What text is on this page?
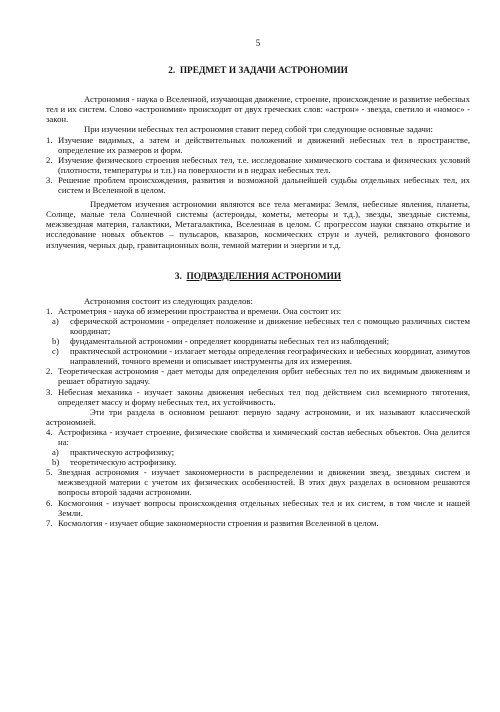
5
2. ПРЕДМЕТ И ЗАДАЧИ АСТРОНОМИИ

Астрономия - наука о Вселенной, изучающая движение, строение, происхождение и развитие небесных тел и их систем. Слово «астрономия» происходит от двух греческих слов: «астрон» - звезда, светило и «номос» - закон.

При изучении небесных тел астрономия ставит перед собой три следующие основные задачи:

1. Изучение видимых, а затем и действительных положений и движений небесных тел в пространстве, определение их размеров и форм.
2. Изучение физического строения небесных тел, т.е. исследование химического состава и физических условий (плотности, температуры и т.п.) на поверхности и в недрах небесных тел.
3. Решение проблем происхождения, развития и возможной дальнейшей судьбы отдельных небесных тел, их систем и Вселенной в целом.

Предметом изучения астрономии являются все тела мегамира: Земля, небесные явления, планеты, Солнце, малые тела Солнечной системы (астероиды, кометы, метеоры и т.д.), звезды, звездные системы, межзвездная материя, галактики, Метагалактика, Вселенная в целом. С прогрессом науки связано открытие и исследование новых объектов – пульсаров, квазаров, космических струн и лучей, реликтового фонового излучения, черных дыр, гравитационных волн, темной материи и энергии и т.д.

3. ПОДРАЗДЕЛЕНИЯ АСТРОНОМИИ

Астрономия состоит из следующих разделов:

1. Астрометрия - наука об измерении пространства и времени. Она состоит из:
а) сферической астрономии - определяет положение и движение небесных тел с помощью различных систем координат;
b) фундаментальной астрономии - определяет координаты небесных тел из наблюдений;
с) практической астрономии - излагает методы определения географических и небесных координат, азимутов направлений, точного времени и описывает инструменты для их измерения.
2. Теоретическая астрономия - дает методы для определения орбит небесных тел по их видимым движениям и решает обратную задачу.
3. Небесная механика - изучает законы движения небесных тел под действием сил всемирного тяготения, определяет массу и форму небесных тел, их устойчивость.

Эти три раздела в основном решают первую задачу астрономии, и их называют классической астрономией.

4. Астрофизика - изучает строение, физические свойства и химический состав небесных объектов. Она делится на:
а) практическую астрофизику;
b) теоретическую астрофизику.
5. Звездная астрономия - изучает закономерности в распределении и движении звезд, звездных систем и межзвездной материи с учетом их физических особенностей. В этих двух разделах в основном решаются вопросы второй задачи астрономии.
6. Космогония - изучает вопросы происхождения отдельных небесных тел и их систем, в том числе и нашей Земли.
7. Космология - изучает общие закономерности строения и развития Вселенной в целом.
